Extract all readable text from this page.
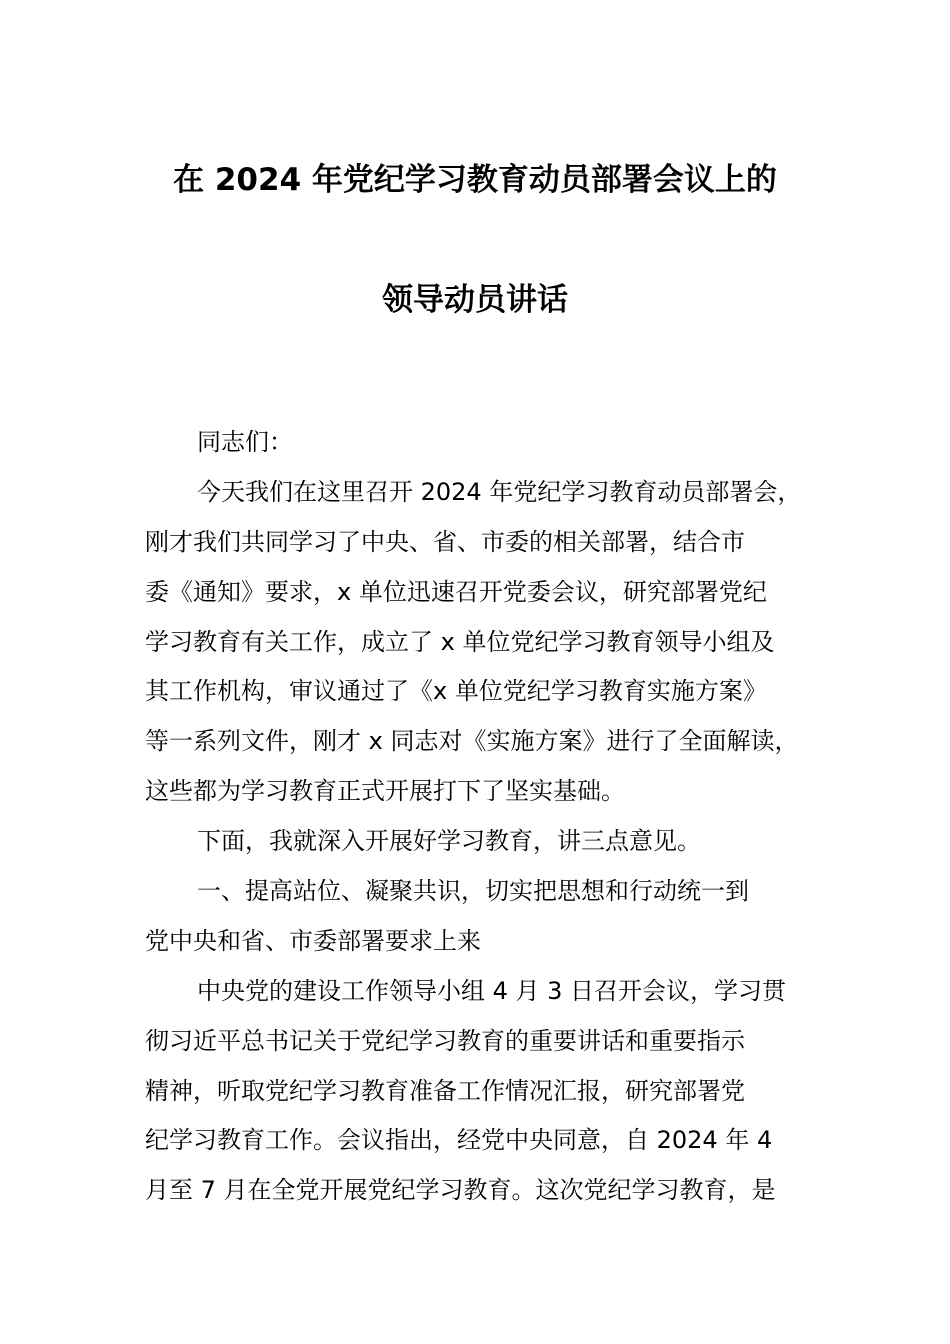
在 2024 年党纪学习教育动员部署会议上的
领导动员讲话
同志们：
今天我们在这里召开 2024 年党纪学习教育动员部署会，
刚才我们共同学习了中央、省、市委的相关部署，结合市
委《通知》要求，x 单位迅速召开党委会议，研究部署党纪
学习教育有关工作，成立了 x 单位党纪学习教育领导小组及
其工作机构，审议通过了《x 单位党纪学习教育实施方案》
等一系列文件，刚才 x 同志对《实施方案》进行了全面解读，
这些都为学习教育正式开展打下了坚实基础。
下面，我就深入开展好学习教育，讲三点意见。
一、提高站位、凝聚共识，切实把思想和行动统一到
党中央和省、市委部署要求上来
中央党的建设工作领导小组 4 月 3 日召开会议，学习贯
彻习近平总书记关于党纪学习教育的重要讲话和重要指示
精神，听取党纪学习教育准备工作情况汇报，研究部署党
纪学习教育工作。会议指出，经党中央同意，自 2024 年 4
月至 7 月在全党开展党纪学习教育。这次党纪学习教育，是
